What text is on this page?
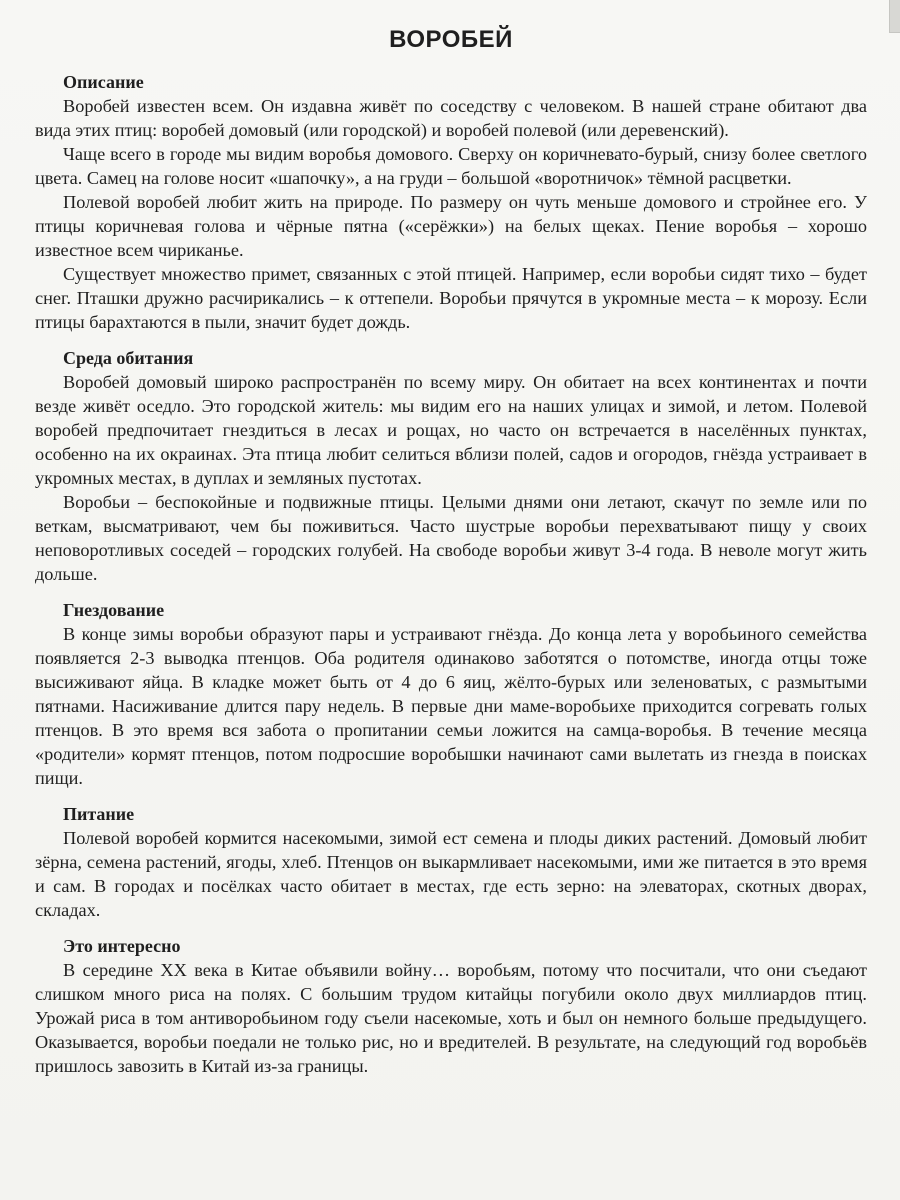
ВОРОБЕЙ
Описание

Воробей известен всем. Он издавна живёт по соседству с человеком. В нашей стране обитают два вида этих птиц: воробей домовый (или городской) и воробей полевой (или деревенский).

Чаще всего в городе мы видим воробья домового. Сверху он коричневато-бурый, снизу более светлого цвета. Самец на голове носит «шапочку», а на груди – большой «воротничок» тёмной расцветки.

Полевой воробей любит жить на природе. По размеру он чуть меньше домового и стройнее его. У птицы коричневая голова и чёрные пятна («серёжки») на белых щеках. Пение воробья – хорошо известное всем чириканье.

Существует множество примет, связанных с этой птицей. Например, если воробьи сидят тихо – будет снег. Пташки дружно расчирикались – к оттепели. Воробьи прячутся в укромные места – к морозу. Если птицы барахтаются в пыли, значит будет дождь.

Среда обитания

Воробей домовый широко распространён по всему миру. Он обитает на всех континентах и почти везде живёт оседло. Это городской житель: мы видим его на наших улицах и зимой, и летом. Полевой воробей предпочитает гнездиться в лесах и рощах, но часто он встречается в населённых пунктах, особенно на их окраинах. Эта птица любит селиться вблизи полей, садов и огородов, гнёзда устраивает в укромных местах, в дуплах и земляных пустотах.

Воробьи – беспокойные и подвижные птицы. Целыми днями они летают, скачут по земле или по веткам, высматривают, чем бы поживиться. Часто шустрые воробьи перехватывают пищу у своих неповоротливых соседей – городских голубей. На свободе воробьи живут 3-4 года. В неволе могут жить дольше.

Гнездование

В конце зимы воробьи образуют пары и устраивают гнёзда. До конца лета у воробьиного семейства появляется 2-3 выводка птенцов. Оба родителя одинаково заботятся о потомстве, иногда отцы тоже высиживают яйца. В кладке может быть от 4 до 6 яиц, жёлто-бурых или зеленоватых, с размытыми пятнами. Насиживание длится пару недель. В первые дни маме-воробьихе приходится согревать голых птенцов. В это время вся забота о пропитании семьи ложится на самца-воробья. В течение месяца «родители» кормят птенцов, потом подросшие воробышки начинают сами вылетать из гнезда в поисках пищи.

Питание

Полевой воробей кормится насекомыми, зимой ест семена и плоды диких растений. Домовый любит зёрна, семена растений, ягоды, хлеб. Птенцов он выкармливает насекомыми, ими же питается в это время и сам. В городах и посёлках часто обитает в местах, где есть зерно: на элеваторах, скотных дворах, складах.

Это интересно

В середине XX века в Китае объявили войну… воробьям, потому что посчитали, что они съедают слишком много риса на полях. С большим трудом китайцы погубили около двух миллиардов птиц. Урожай риса в том антиворобьином году съели насекомые, хоть и был он немного больше предыдущего. Оказывается, воробьи поедали не только рис, но и вредителей. В результате, на следующий год воробьёв пришлось завозить в Китай из-за границы.
